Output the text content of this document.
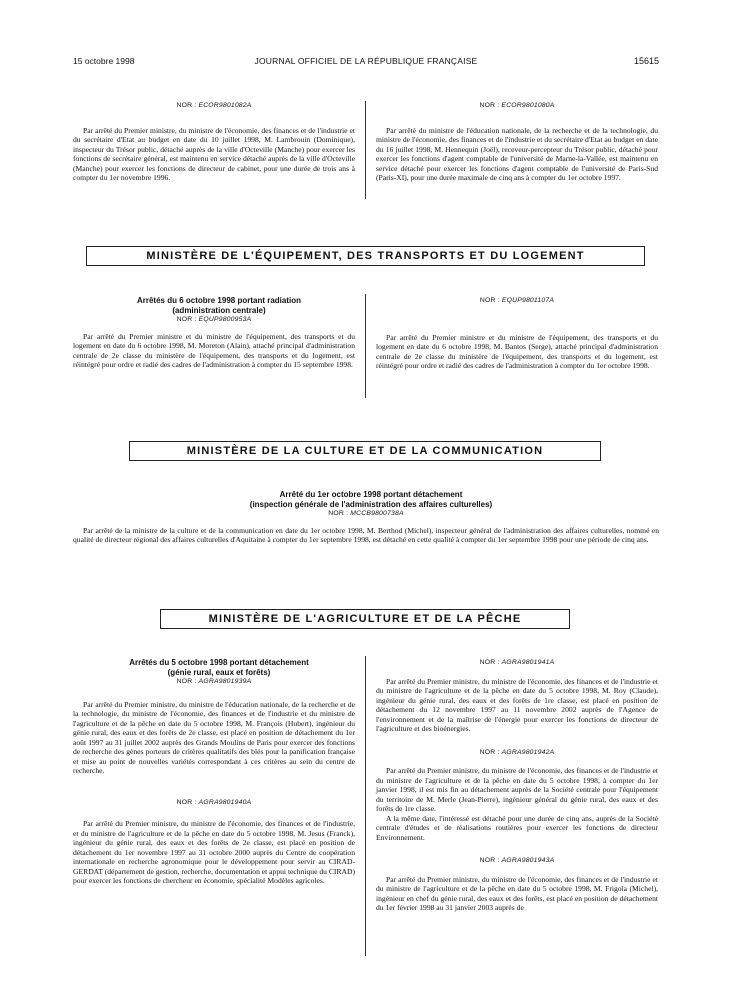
15 octobre 1998	JOURNAL OFFICIEL DE LA RÉPUBLIQUE FRANÇAISE	15615

NOR : ECOR9801082A

Par arrêté du Premier ministre, du ministre de l'économie, des finances et de l'industrie et du secrétaire d'Etat au budget en date du 10 juillet 1998, M. Lambrouin (Dominique), inspecteur du Trésor public, détaché auprès de la ville d'Octeville (Manche) pour exercer les fonctions de secrétaire général, est maintenu en service détaché auprès de la ville d'Octeville (Manche) pour exercer les fonctions de directeur de cabinet, pour une durée de trois ans à compter du 1er novembre 1996.

NOR : ECOR9801080A

Par arrêté du ministre de l'éducation nationale, de la recherche et de la technologie, du ministre de l'économie, des finances et de l'industrie et du secrétaire d'Etat au budget en date du 16 juillet 1998, M. Hennequin (Joël), receveur-percepteur du Trésor public, détaché pour exercer les fonctions d'agent comptable de l'université de Marne-la-Vallée, est maintenu en service détaché pour exercer les fonctions d'agent comptable de l'université de Paris-Sud (Paris-XI), pour une durée maximale de cinq ans à compter du 1er octobre 1997.

MINISTÈRE DE L'ÉQUIPEMENT, DES TRANSPORTS ET DU LOGEMENT

Arrêtés du 6 octobre 1998 portant radiation

(administration centrale)

NOR : EQUP9800953A

Par arrêté du Premier ministre et du ministre de l'équipement, des transports et du logement en date du 6 octobre 1998, M. Moreton (Alain), attaché principal d'administration centrale de 2e classe du ministère de l'équipement, des transports et du logement, est réintégré pour ordre et radié des cadres de l'administration à compter du 15 septembre 1998.

NOR : EQUP9801107A

Par arrêté du Premier ministre et du ministre de l'équipement, des transports et du logement en date du 6 octobre 1998, M. Bantos (Serge), attaché principal d'administration centrale de 2e classe du ministère de l'équipement, des transports et du logement, est réintégré pour ordre et radié des cadres de l'administration à compter du 1er octobre 1998.

MINISTÈRE DE LA CULTURE ET DE LA COMMUNICATION

Arrêté du 1er octobre 1998 portant détachement

(inspection générale de l'administration des affaires culturelles)

NOR : MCCB9800738A

Par arrêté de la ministre de la culture et de la communication en date du 1er octobre 1998, M. Berthod (Michel), inspecteur général de l'administration des affaires culturelles, nommé en qualité de directeur régional des affaires culturelles d'Aquitaine à compter du 1er septembre 1998, est détaché en cette qualité à compter du 1er septembre 1998 pour une période de cinq ans.

MINISTÈRE DE L'AGRICULTURE ET DE LA PÊCHE

Arrêtés du 5 octobre 1998 portant détachement

(génie rural, eaux et forêts)

NOR : AGRA9801939A

Par arrêté du Premier ministre, du ministre de l'éducation nationale, de la recherche et de la technologie, du ministre de l'économie, des finances et de l'industrie et du ministre de l'agriculture et de la pêche en date du 5 octobre 1998, M. François (Hubert), ingénieur du génie rural, des eaux et des forêts de 2e classe, est placé en position de détachement du 1er août 1997 au 31 juillet 2002 auprès des Grands Moulins de Paris pour exercer des fonctions de recherche des gènes porteurs de critères qualitatifs des blés pour la panification française et mise au point de nouvelles variétés correspondant à ces critères au sein du centre de recherche.

NOR : AGRA9801940A

Par arrêté du Premier ministre, du ministre de l'économie, des finances et de l'industrie, et du ministre de l'agriculture et de la pêche en date du 5 octobre 1998, M. Jesus (Franck), ingénieur du génie rural, des eaux et des forêts de 2e classe, est placé en position de détachement du 1er novembre 1997 au 31 octobre 2000 auprès du Centre de coopération internationale en recherche agronomique pour le développement pour servir au CIRAD-GERDAT (département de gestion, recherche, documentation et appui technique du CIRAD) pour exercer les fonctions de chercheur en économie, spécialité Modèles agricoles.

NOR : AGRA9801941A

Par arrêté du Premier ministre, du ministre de l'économie, des finances et de l'industrie et du ministre de l'agriculture et de la pêche en date du 5 octobre 1998, M. Roy (Claude), ingénieur du génie rural, des eaux et des forêts de 1re classe, est placé en position de détachement du 12 novembre 1997 au 11 novembre 2002 auprès de l'Agence de l'environnement et de la maîtrise de l'énergie pour exercer les fonctions de directeur de l'agriculture et des bioénergies.

NOR : AGRA9801942A

Par arrêté du Premier ministre, du ministre de l'économie, des finances et de l'industrie et du ministre de l'agriculture et de la pêche en date du 5 octobre 1998, à compter du 1er janvier 1998, il est mis fin au détachement auprès de la Société centrale pour l'équipement du territoire de M. Merle (Jean-Pierre), ingénieur général du génie rural, des eaux et des forêts de 1re classe.

A la même date, l'intéressé est détaché pour une durée de cinq ans, auprès de la Société centrale d'études et de réalisations routières pour exercer les fonctions de directeur Environnement.

NOR : AGRA9801943A

Par arrêté du Premier ministre, du ministre de l'économie, des finances et de l'industrie et du ministre de l'agriculture et de la pêche en date du 5 octobre 1998, M. Frigola (Michel), ingénieur en chef du génie rural, des eaux et des forêts, est placé en position de détachement du 1er février 1998 au 31 janvier 2003 auprès de
